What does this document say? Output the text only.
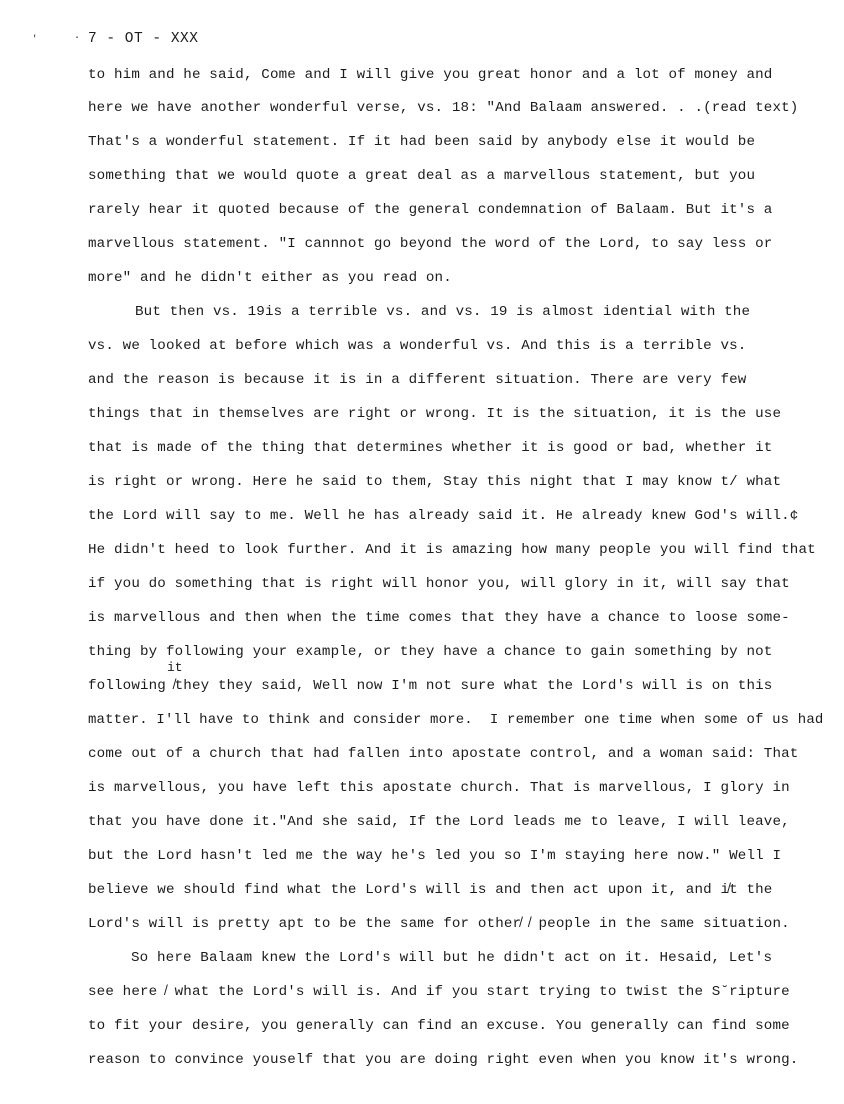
'	· 7 - OT - XXX
to him and he said, Come and I will give you great honor and a lot of money and
here we have another wonderful verse, vs. 18: "And Balaam answered. . .(read text)
That's a wonderful statement. If it had been said by anybody else it would be
something that we would quote a great deal as a marvellous statement, but you
rarely hear it quoted because of the general condemnation of Balaam. But it's a
marvellous statement. "I cannnot go beyond the word of the Lord, to say less or
more" and he didn't either as you read on.
But then vs. 19is a terrible vs. and vs. 19 is almost idential with the
vs. we looked at before which was a wonderful vs. And this is a terrible vs.
and the reason is because it is in a different situation. There are very few
things that in themselves are right or wrong. It is the situation, it is the use
that is made of the thing that determines whether it is good or bad, whether it
is right or wrong. Here he said to them, Stay this night that I may know t/ what
the Lord will say to me. Well he has already said it. He already knew God's will.¢
He didn't heed to look further. And it is amazing how many people you will find that
if you do something that is right will honor you, will glory in it, will say that
is marvellous and then when the time comes that they have a chance to loose some-
thing by following your example, or they have a chance to gain something by not
it
following ̸they they said, Well now I'm not sure what the Lord's will is on this
matter. I'll have to think and consider more.  I remember one time when some of us had
come out of a church that had fallen into apostate control, and a woman said: That
is marvellous, you have left this apostate church. That is marvellous, I glory in
that you have done it."And she said, If the Lord leads me to leave, I will leave,
but the Lord hasn't led me the way he's led you so I'm staying here now." Well I
believe we should find what the Lord's will is and then act upon it, and i̸t the
Lord's will is pretty apt to be the same for other̸ ̸ people in the same situation.
So here Balaam knew the Lord's will but he didn't act on it. Hesaid, Let's
see here ̸ what the Lord's will is. And if you start trying to twist the S˘ripture
to fit your desire, you generally can find an excuse. You generally can find some
reason to convince youself that you are doing right even when you know it's wrong.
